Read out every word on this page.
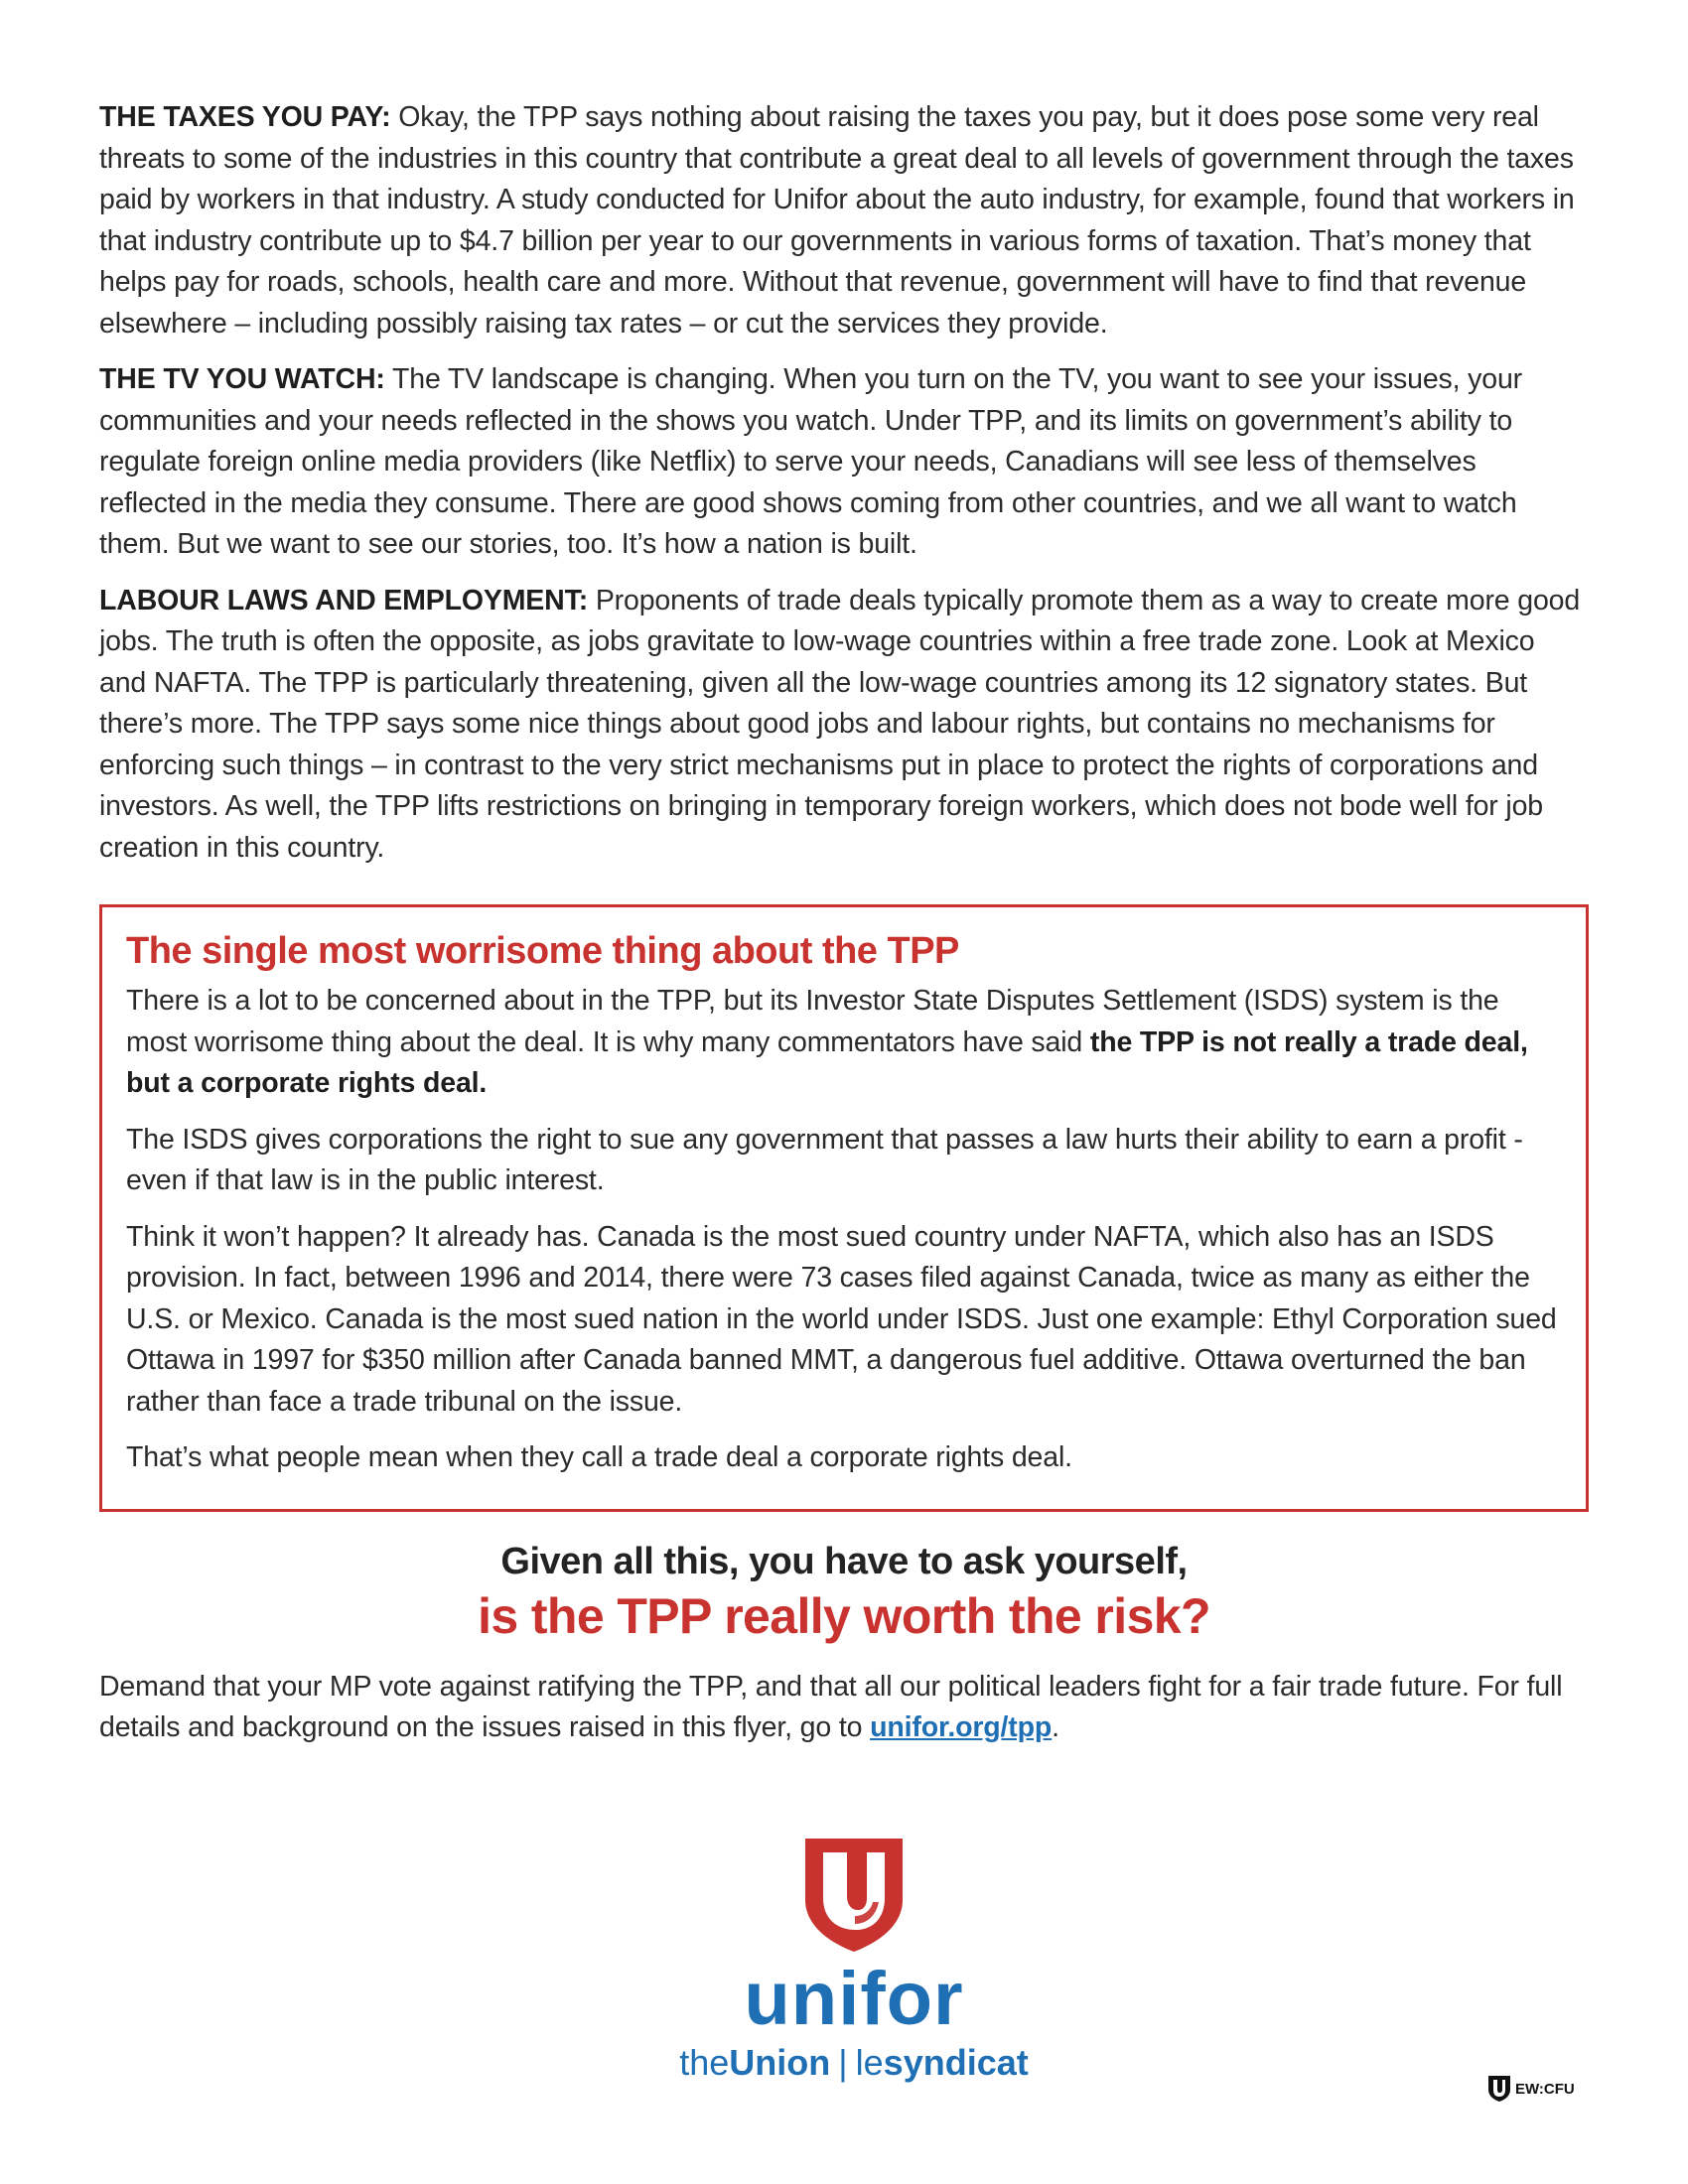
THE TAXES YOU PAY: Okay, the TPP says nothing about raising the taxes you pay, but it does pose some very real threats to some of the industries in this country that contribute a great deal to all levels of government through the taxes paid by workers in that industry. A study conducted for Unifor about the auto industry, for example, found that workers in that industry contribute up to $4.7 billion per year to our governments in various forms of taxation. That’s money that helps pay for roads, schools, health care and more. Without that revenue, government will have to find that revenue elsewhere – including possibly raising tax rates – or cut the services they provide.

THE TV YOU WATCH: The TV landscape is changing. When you turn on the TV, you want to see your issues, your communities and your needs reflected in the shows you watch. Under TPP, and its limits on government’s ability to regulate foreign online media providers (like Netflix) to serve your needs, Canadians will see less of themselves reflected in the media they consume. There are good shows coming from other countries, and we all want to watch them. But we want to see our stories, too. It’s how a nation is built.

LABOUR LAWS AND EMPLOYMENT: Proponents of trade deals typically promote them as a way to create more good jobs. The truth is often the opposite, as jobs gravitate to low-wage countries within a free trade zone. Look at Mexico and NAFTA. The TPP is particularly threatening, given all the low-wage countries among its 12 signatory states. But there’s more. The TPP says some nice things about good jobs and labour rights, but contains no mechanisms for enforcing such things – in contrast to the very strict mechanisms put in place to protect the rights of corporations and investors. As well, the TPP lifts restrictions on bringing in temporary foreign workers, which does not bode well for job creation in this country.

The single most worrisome thing about the TPP

There is a lot to be concerned about in the TPP, but its Investor State Disputes Settlement (ISDS) system is the most worrisome thing about the deal. It is why many commentators have said the TPP is not really a trade deal, but a corporate rights deal.

The ISDS gives corporations the right to sue any government that passes a law hurts their ability to earn a profit - even if that law is in the public interest.

Think it won’t happen? It already has. Canada is the most sued country under NAFTA, which also has an ISDS provision. In fact, between 1996 and 2014, there were 73 cases filed against Canada, twice as many as either the U.S. or Mexico. Canada is the most sued nation in the world under ISDS. Just one example: Ethyl Corporation sued Ottawa in 1997 for $350 million after Canada banned MMT, a dangerous fuel additive. Ottawa overturned the ban rather than face a trade tribunal on the issue.

That’s what people mean when they call a trade deal a corporate rights deal.

Given all this, you have to ask yourself,
is the TPP really worth the risk?

Demand that your MP vote against ratifying the TPP, and that all our political leaders fight for a fair trade future. For full details and background on the issues raised in this flyer, go to unifor.org/tpp.

unifor
theUnion | lesyndicat
EW:CFU
